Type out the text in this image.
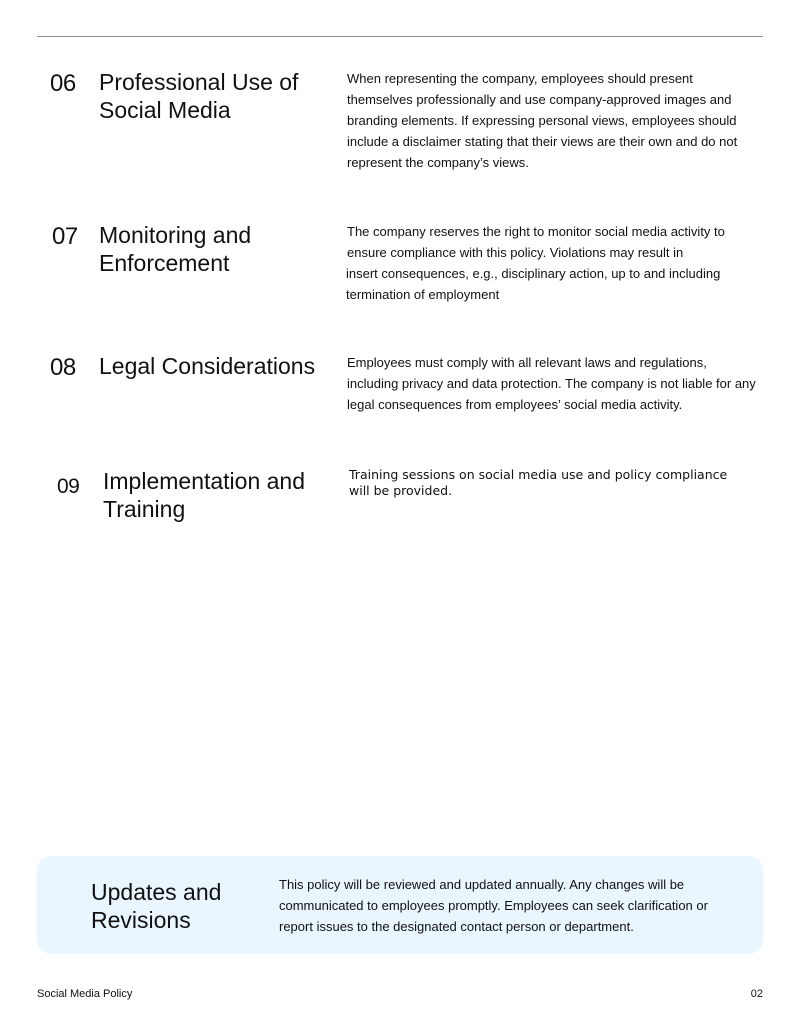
06 Professional Use of Social Media
When representing the company, employees should present themselves professionally and use company-approved images and branding elements. If expressing personal views, employees should include a disclaimer stating that their views are their own and do not represent the company’s views.
07 Monitoring and Enforcement
The company reserves the right to monitor social media activity to
ensure compliance with this policy. Violations may result in
insert consequences, e.g., disciplinary action, up to and including
termination of employment
08 Legal Considerations	Employees must comply with all relevant laws and regulations, including privacy and data protection. The company is not liable for any legal consequences from employees’ social media activity.
09 Implementation and Training
Training sessions on social media use and policy compliance will be provided.
Updates and Revisions
This policy will be reviewed and updated annually. Any changes will be communicated to employees promptly. Employees can seek clarification or report issues to the designated contact person or department.
Social Media Policy	02
